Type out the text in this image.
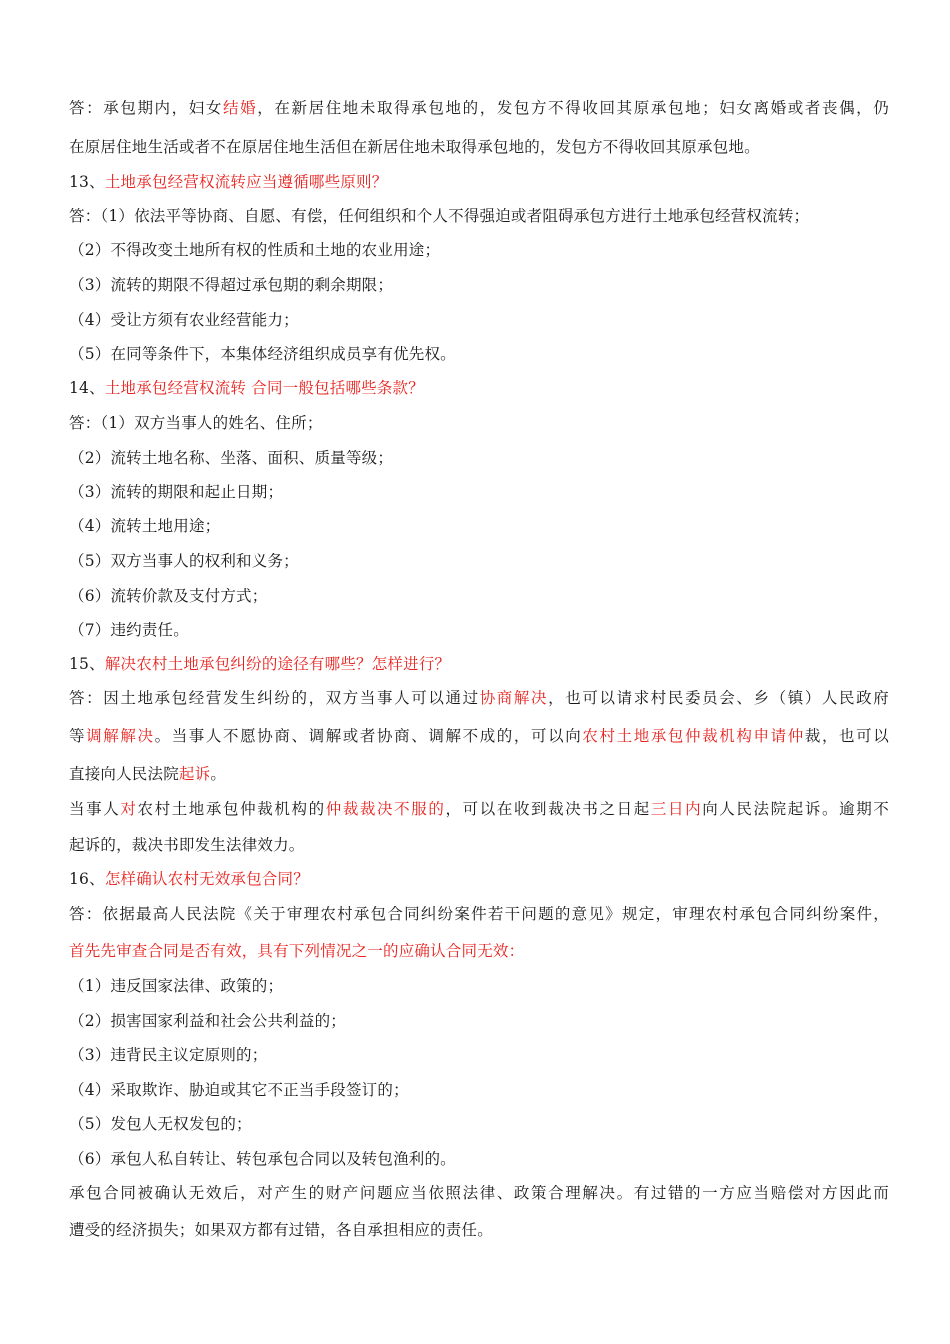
答：承包期内，妇女结婚，在新居住地未取得承包地的，发包方不得收回其原承包地；妇女离婚或者丧偶，仍
在原居住地生活或者不在原居住地生活但在新居住地未取得承包地的，发包方不得收回其原承包地。
13、土地承包经营权流转应当遵循哪些原则？
答：（1）依法平等协商、自愿、有偿，任何组织和个人不得强迫或者阻碍承包方进行土地承包经营权流转；
（2）不得改变土地所有权的性质和土地的农业用途；
（3）流转的期限不得超过承包期的剩余期限；
（4）受让方须有农业经营能力；
（5）在同等条件下，本集体经济组织成员享有优先权。
14、土地承包经营权流转 合同一般包括哪些条款？
答：（1）双方当事人的姓名、住所；
（2）流转土地名称、坐落、面积、质量等级；
（3）流转的期限和起止日期；
（4）流转土地用途；
（5）双方当事人的权利和义务；
（6）流转价款及支付方式；
（7）违约责任。
15、解决农村土地承包纠纷的途径有哪些？怎样进行？
答：因土地承包经营发生纠纷的，双方当事人可以通过协商解决，也可以请求村民委员会、乡（镇）人民政府
等调解解决。当事人不愿协商、调解或者协商、调解不成的，可以向农村土地承包仲裁机构申请仲裁，也可以
直接向人民法院起诉。
当事人对农村土地承包仲裁机构的仲裁裁决不服的，可以在收到裁决书之日起三日内向人民法院起诉。逾期不
起诉的，裁决书即发生法律效力。
16、怎样确认农村无效承包合同？
答：依据最高人民法院《关于审理农村承包合同纠纷案件若干问题的意见》规定，审理农村承包合同纠纷案件，
首先先审查合同是否有效，具有下列情况之一的应确认合同无效：
（1）违反国家法律、政策的；
（2）损害国家利益和社会公共利益的；
（3）违背民主议定原则的；
（4）采取欺诈、胁迫或其它不正当手段签订的；
（5）发包人无权发包的；
（6）承包人私自转让、转包承包合同以及转包渔利的。
承包合同被确认无效后，对产生的财产问题应当依照法律、政策合理解决。有过错的一方应当赔偿对方因此而
遭受的经济损失；如果双方都有过错，各自承担相应的责任。
